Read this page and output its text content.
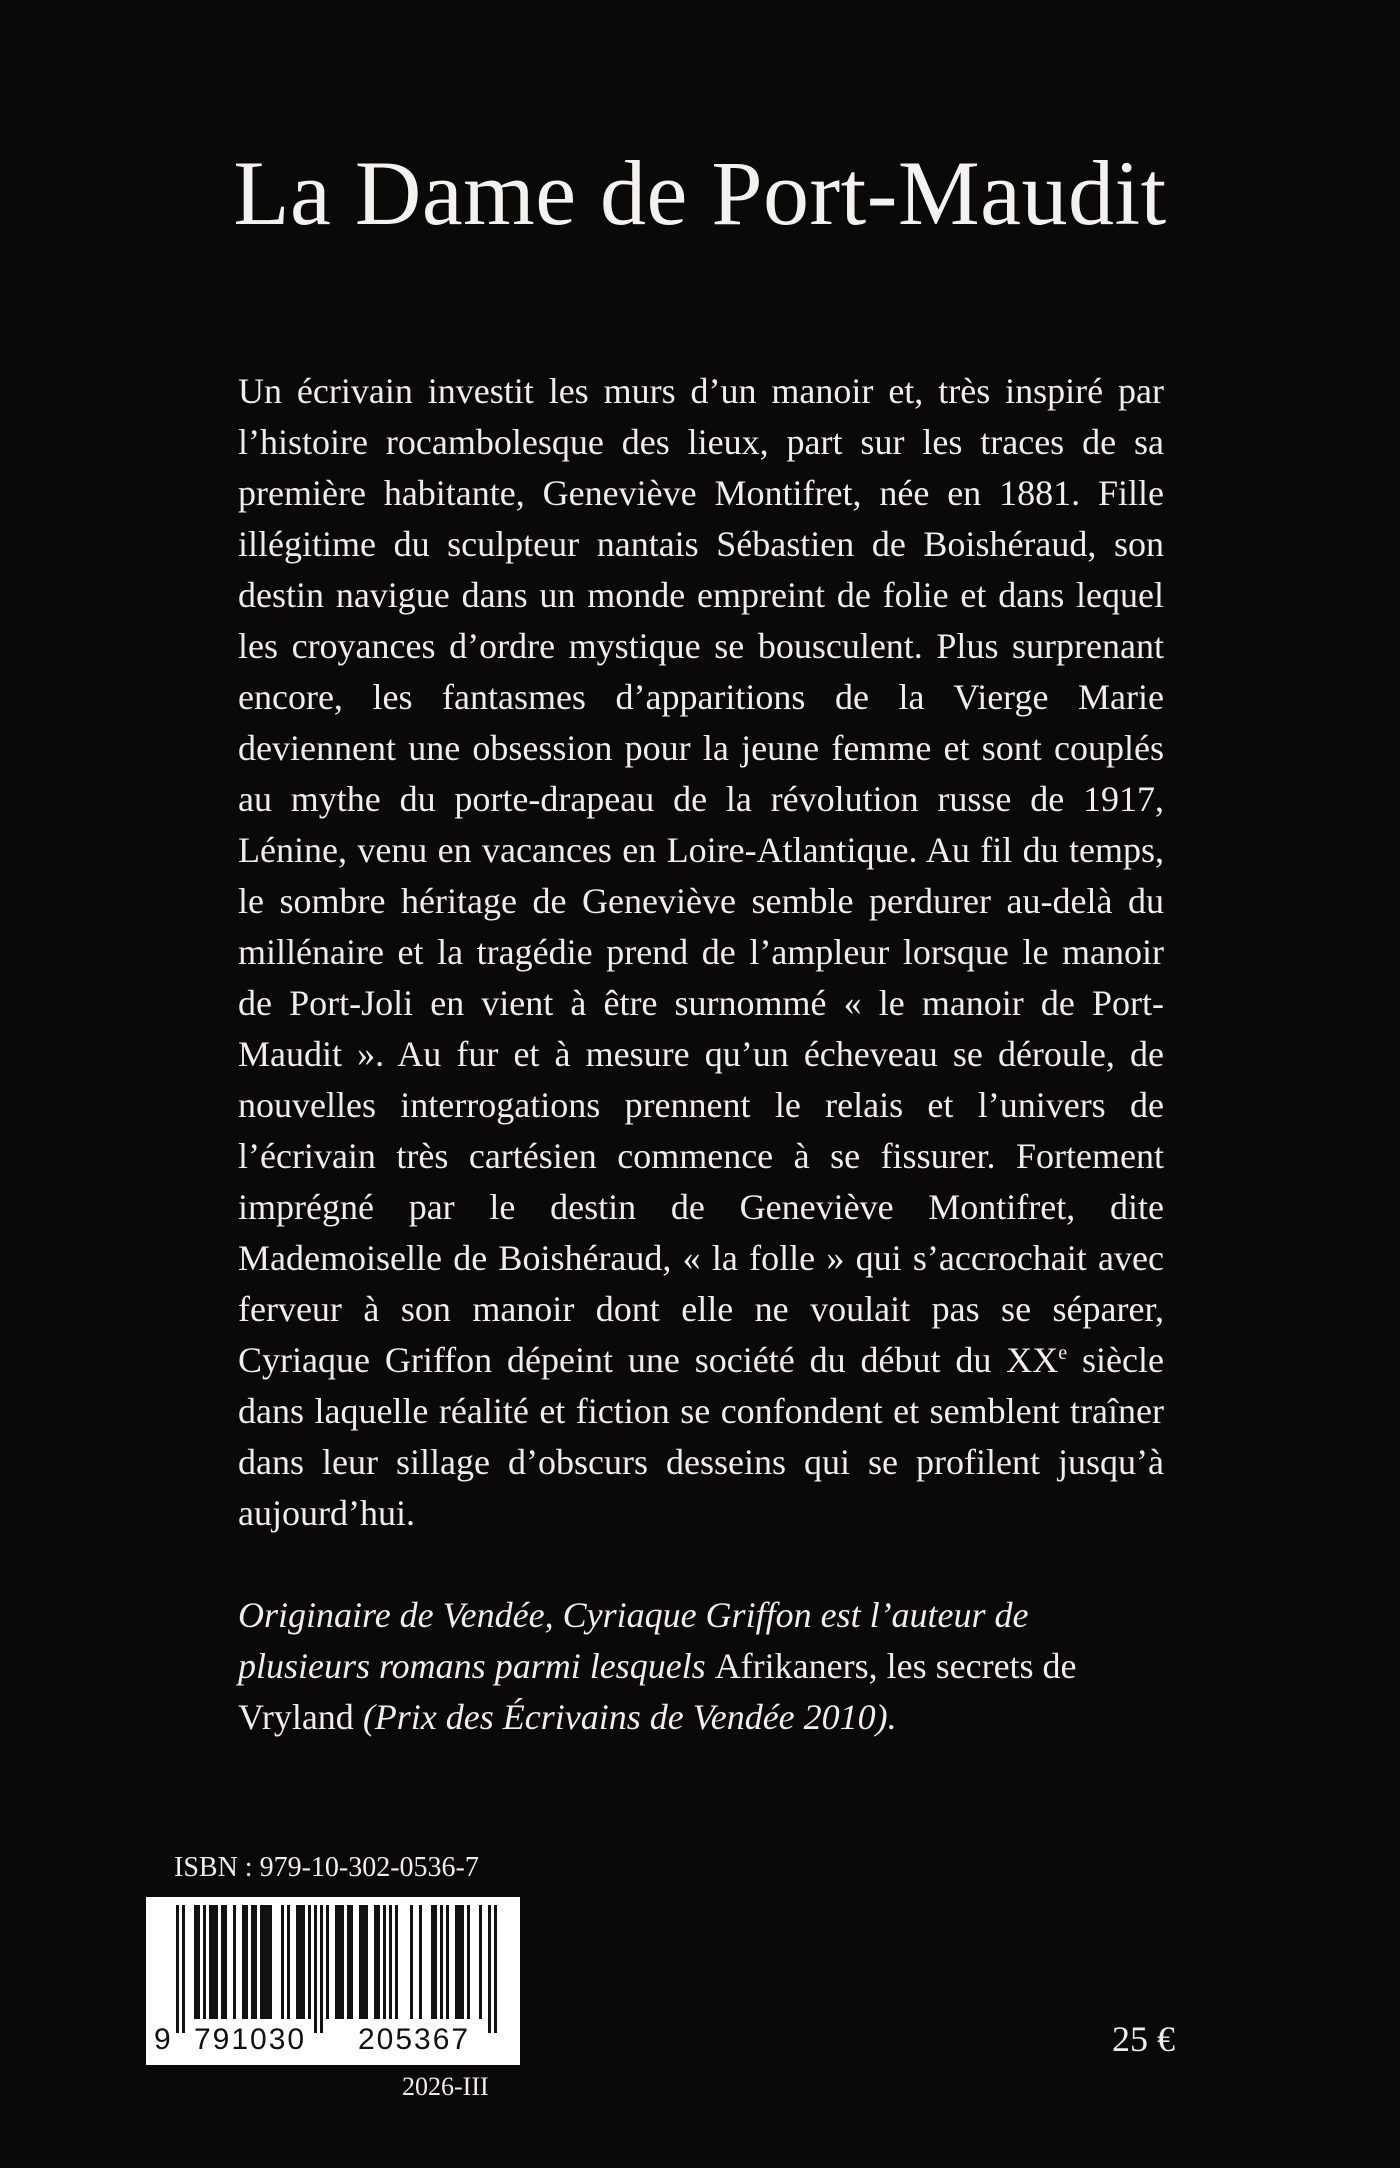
La Dame de Port-Maudit

Un écrivain investit les murs d’un manoir et, très inspiré par l’histoire rocambolesque des lieux, part sur les traces de sa première habitante, Geneviève Montifret, née en 1881. Fille illégitime du sculpteur nantais Sébastien de Boishéraud, son destin navigue dans un monde empreint de folie et dans lequel les croyances d’ordre mystique se bousculent. Plus surprenant encore, les fantasmes d’apparitions de la Vierge Marie deviennent une obsession pour la jeune femme et sont couplés au mythe du porte-drapeau de la révolution russe de 1917, Lénine, venu en vacances en Loire-Atlantique. Au fil du temps, le sombre héritage de Geneviève semble perdurer au-delà du millénaire et la tragédie prend de l’ampleur lorsque le manoir de Port-Joli en vient à être surnommé « le manoir de Port-Maudit ». Au fur et à mesure qu’un écheveau se déroule, de nouvelles interrogations prennent le relais et l’univers de l’écrivain très cartésien commence à se fissurer. Fortement imprégné par le destin de Geneviève Montifret, dite Mademoiselle de Boishéraud, « la folle » qui s’accrochait avec ferveur à son manoir dont elle ne voulait pas se séparer, Cyriaque Griffon dépeint une société du début du XXe siècle dans laquelle réalité et fiction se confondent et semblent traîner dans leur sillage d’obscurs desseins qui se profilent jusqu’à aujourd’hui.

Originaire de Vendée, Cyriaque Griffon est l’auteur de plusieurs romans parmi lesquels Afrikaners, les secrets de Vryland (Prix des Écrivains de Vendée 2010).

ISBN : 979-10-302-0536-7
9 791030 205367
2026-III
25 €
